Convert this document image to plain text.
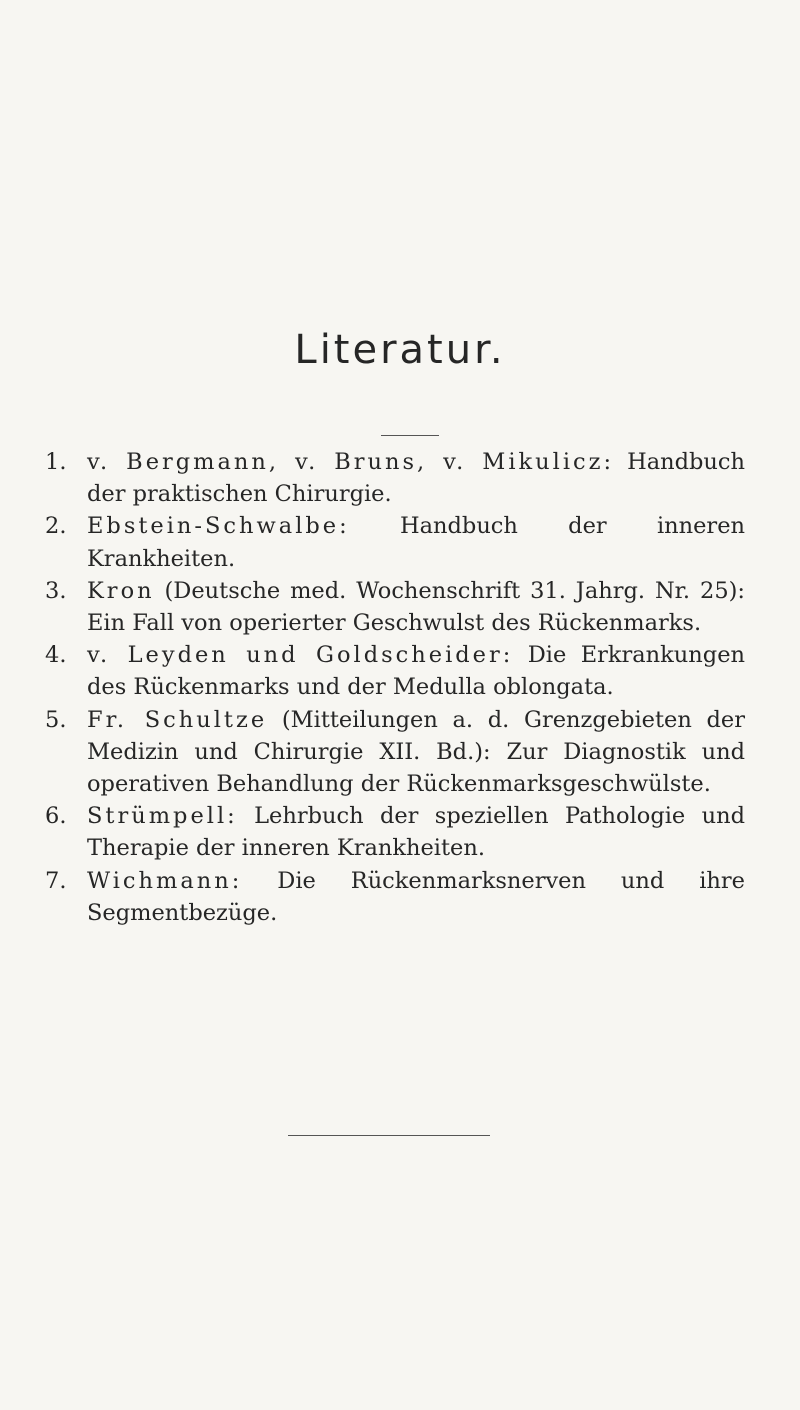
Literatur.
1. v. Bergmann, v. Bruns, v. Mikulicz: Handbuch der praktischen Chirurgie.
2. Ebstein-Schwalbe: Handbuch der inneren Krankheiten.
3. Kron (Deutsche med. Wochenschrift 31. Jahrg. Nr. 25): Ein Fall von operierter Geschwulst des Rückenmarks.
4. v. Leyden und Goldscheider: Die Erkrankungen des Rückenmarks und der Medulla oblongata.
5. Fr. Schultze (Mitteilungen a. d. Grenzgebieten der Medizin und Chirurgie XII. Bd.): Zur Diagnostik und operativen Behandlung der Rückenmarksgeschwülste.
6. Strümpell: Lehrbuch der speziellen Pathologie und Therapie der inneren Krankheiten.
7. Wichmann: Die Rückenmarksnerven und ihre Segmentbezüge.
